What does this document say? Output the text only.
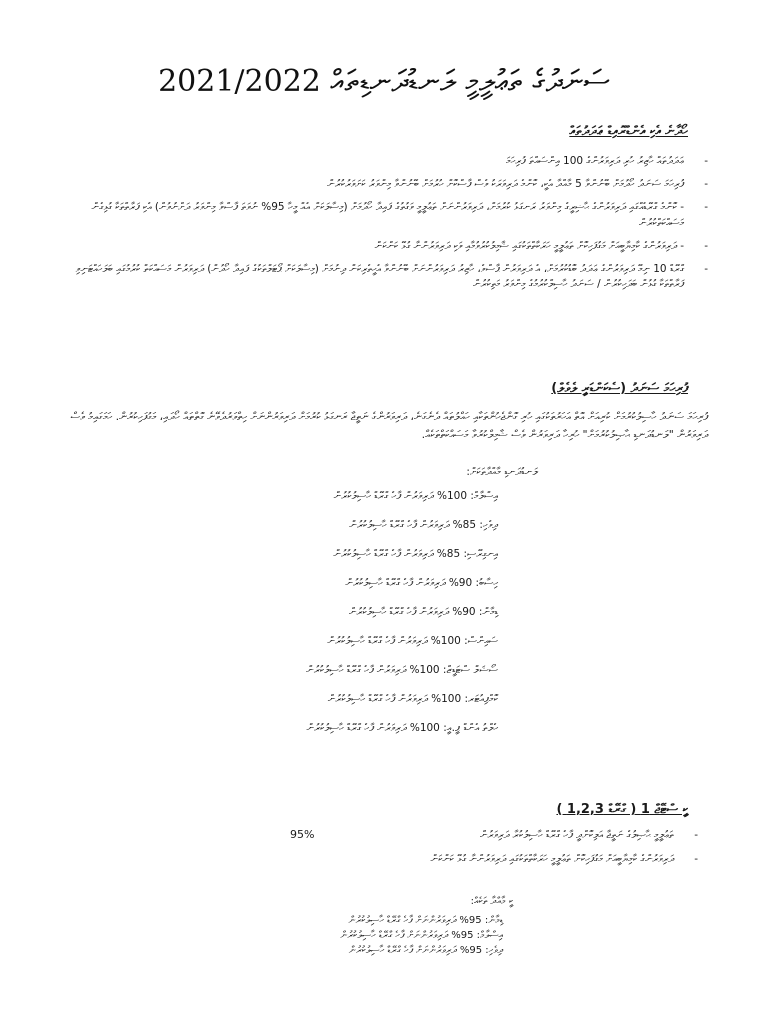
ސަނަދުގެ ތަޢުލީމީ ލަނޑުދަނޑިތައް 2021/2022
ހޯދާނެ އެކި އެންޑްރޮއިޑް ޢަދަދުތައް
- ޢަދަދުތައް ހާޒިރު ހުރި ދަރިވަރުންގެ 100 އިންސައްތަ ފުރިހަމަ
- ފުރިހަމަ ސަނަދު ހޯދުމަށް ބޭނުންވާ 5 މާއްދާ އެކީ، ކޮންމެ ދަރިވަރަކު ވެސް ފާސްކޮށް ހުރުމަށް ބޭނުންވާ މިންވަރު ކަށަވަރުކުރުން
- - ކޮންމެ ގްރޭޑެއްގައި ދަރިވަރުންގެ ޙާޟިރީގެ މިންވަރު ރަނގަޅު ކުރުމަށް، ދަރިވަރުންނަށް ތަޢުލީމީ ވަގުތުގެ ފައިދާ ހޯދުމަށް (މިސާލަކަށް އެއް މީހާ 95% ނުވަތަ ފާސްވާ މިންވަރު ދަށްނުވުން) އެކި ފަރާތްތަކާ ގުޅިގެން މަސައްކަތްކުރުން
- - ދަރިވަރުންގެ ކާމިޔާބީއަށް މަގުފަހިކޮށް ތަޢުލީމީ ހަރަކާތްތަކުގައި ޝާމިލުކުރުވުމާއި ވަކި ދަރިވަރުންނާ ގުޅޭ ކަންކަން
- ގްރޭޑް 10 ނިމޭ ދަރިވަރުންގެ ޢަދަދު ބޮޑުކުރުމަށް، އެ ދަރިވަރުން ޕާސްވެ، ހާޒިރު ދަރިވަރުންނަށް ބޭނުންވާ އެހީތެރިކަން ދިނުމަށް (މިސާލަކަށް ޕޯޓަލްތަކުގެ ފައިދާ ހޯދުން) ދަރިވަރުން މަސައްކަތް ކުރުމުގައި ބަލަހައްޓަނިވި ފަރާތްތަކާ ގުޅުން ބަދަހިކުރުން / ސަނަދު ހާސިލްކުރުމުގެ މިންވަރު މަތިކުރުން
ފުރިހަމަ ސަނަދު (ސެކަންޑަރީ ލެވެލް)

ފުރިހަމަ ސަނަދު ހާސިލުކުރުމަށް ކުރިއަށް އޮތް އަހަރުތަކުގައި ހުރި ގޮންޖެހުންތަކާއި ހައްލުތައް ދެނެގަނެ، ދަރިވަރުންގެ ނަތީޖާ ރަނގަޅު ކުރުމަށް ދަރިވަރުންނަށް ހިތްވަރުދެވޭނެ ގޮތްތައް ހޯދައި، މަގުފަހިކުރުން. ހަމަގައިމު ވެސް ދަރިވަރުން "ލަނޑުދަނޑި ޙާޞިލުކުރުމަށް" ހުރިހާ ދަރިވަރުން ވެސް ޝާމިލްކުރުވާ މަސައްކަތްތަކެއް.

ލަނޑުދަނޑި މާއްދާތަކަށް:
އިސްލާމް: 100% ދަރިވަރުން ފާހެ ގްރޭޑް ހާސިލުކުރުން
ދިވެހި: 85% ދަރިވަރުން ފާހެ ގްރޭޑް ހާސިލުކުރުން
އިނގިރޭސި: 85% ދަރިވަރުން ފާހެ ގްރޭޑް ހާސިލުކުރުން
ހިސާބު: 90% ދަރިވަރުން ފާހެ ގްރޭޑް ހާސިލުކުރުން
ޑިމާން: 90% ދަރިވަރުން ފާހެ ގްރޭޑް ހާސިލުކުރުން
ސައިންސް: 100% ދަރިވަރުން ފާހެ ގްރޭޑް ހާސިލުކުރުން
ސޯޝަލް ސްޓަޑީޒް: 100% ދަރިވަރުން ފާހެ ގްރޭޑް ހާސިލުކުރުން
ކޮމްޕިއުޓަރ: 100% ދަރިވަރުން ފާހެ ގްރޭޑް ހާސިލުކުރުން
ހެލްތު އެންޑް ޕީ.އީ: 100% ދަރިވަރުން ފާހެ ގްރޭޑް ހާސިލުކުރުން
ކީ ސްޓޭޖް 1 ( ގްރޭޑް 1,2,3 )
- ތަޢުލީމީ ޙާޞިލުގެ ނަތީޖާ އަލިކޮށްދީ ފާހެ ގްރޭޑް ހާސިލުކުރާ ދަރިވަރުން
95%
- ދަރިވަރުންގެ ކާމިޔާބީއަށް މަގުފަހިކޮށް ތަޢުލީމީ ހަރަކާތްތަކުގައި ދަރިވަރުންނާ ގުޅޭ ކަންކަން
ކީ މާއްދާ ތަކެއް:
ޑިމާން: 95% ދަރިވަރުންނަށް ފާހެ ގްރޭޑް ހާސިލުކުރުން
އިސްލާމް: 95% ދަރިވަރުންނަށް ފާހެ ގްރޭޑް ހާސިލުކުރުން
ދިވެހި: 95% ދަރިވަރުންނަށް ފާހެ ގްރޭޑް ހާސިލުކުރުން
